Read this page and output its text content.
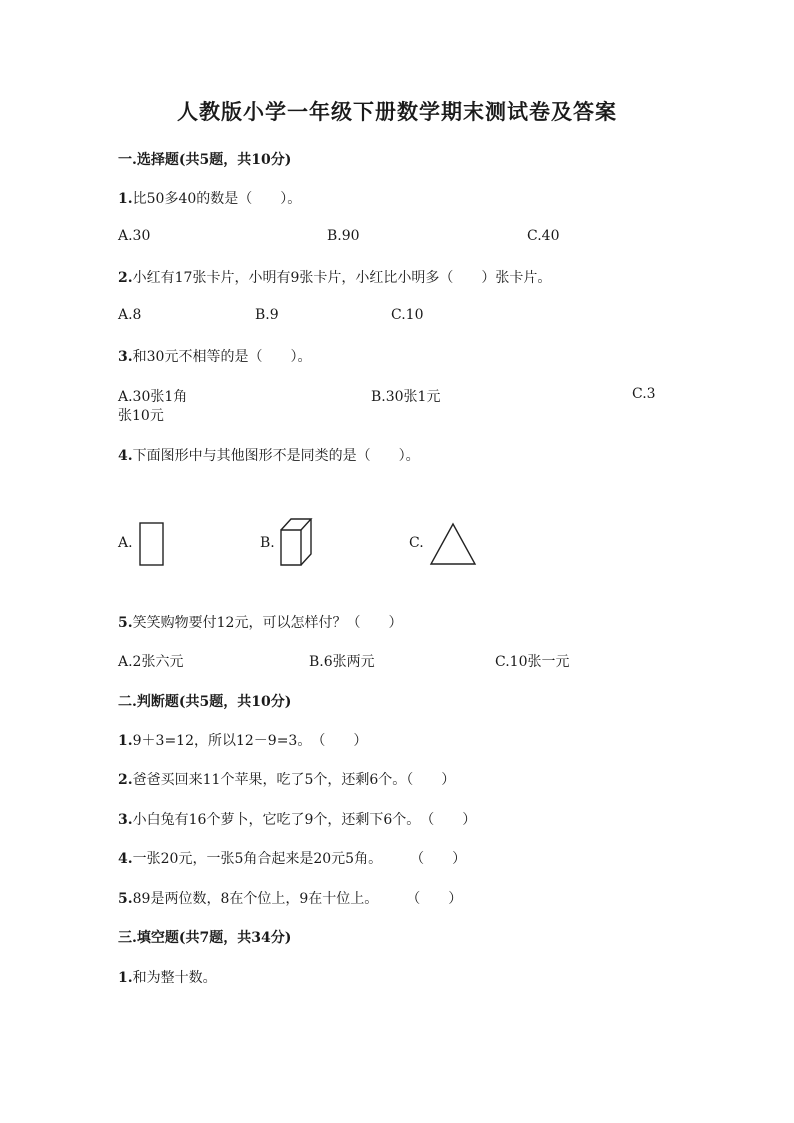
人教版小学一年级下册数学期末测试卷及答案
一.选择题(共5题，共10分)
1.比50多40的数是（　　）。
A.30	B.90	C.40
2.小红有17张卡片，小明有9张卡片，小红比小明多（　　）张卡片。
A.8	B.9	C.10
3.和30元不相等的是（　　）。
A.30张1角	B.30张1元	C.3
张10元
4.下面图形中与其他图形不是同类的是（　　）。
A.	B.	C.
5.笑笑购物要付12元，可以怎样付？（　　）
A.2张六元	B.6张两元	C.10张一元
二.判断题(共5题，共10分)
1.9＋3=12，所以12－9=3。　（　　）
2.爸爸买回来11个苹果，吃了5个，还剩6个。（　　）
3.小白兔有16个萝卜，它吃了9个，还剩下6个。　（　　）
4.一张20元，一张5角合起来是20元5角。　　　（　　）
5.89是两位数，8在个位上，9在十位上。　　　（　　）
三.填空题(共7题，共34分)
1.和为整十数。
